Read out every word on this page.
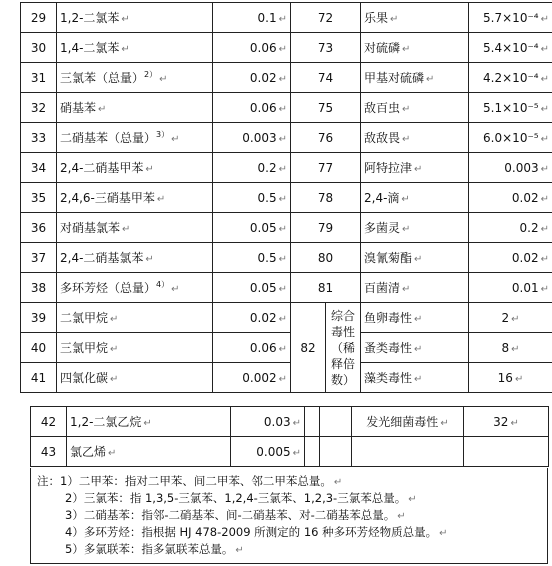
29	1,2-二氯苯 ↵	0.1 ↵	72		乐果 ↵	5.7×10⁻⁴ ↵
30	1,4-二氯苯 ↵	0.06 ↵	73		对硫磷 ↵	5.4×10⁻⁴ ↵
31	三氯苯（总量）$^{2)}$ ↵	0.02 ↵	74		甲基对硫磷 ↵	4.2×10⁻⁴ ↵
32	硝基苯 ↵	0.06 ↵	75		敌百虫 ↵	5.1×10⁻⁵ ↵
33	二硝基苯（总量）$^{3)}$ ↵	0.003 ↵	76		敌敌畏 ↵	6.0×10⁻⁵ ↵
34	2,4-二硝基甲苯 ↵	0.2 ↵	77		阿特拉津 ↵	0.003 ↵
35	2,4,6-三硝基甲苯 ↵	0.5 ↵	78		2,4-滴 ↵	0.02 ↵
36	对硝基氯苯 ↵	0.05 ↵	79		多菌灵 ↵	0.2 ↵
37	2,4-二硝基氯苯 ↵	0.5 ↵	80		溴氰菊酯 ↵	0.02 ↵
38	多环芳烃（总量）$^{4)}$ ↵	0.05 ↵	81		百菌清 ↵	0.01 ↵
39	二氯甲烷 ↵	0.02 ↵	82	综合毒性（稀释倍数）	鱼卵毒性 ↵	2 ↵
40	三氯甲烷 ↵	0.06 ↵			蚤类毒性 ↵	8 ↵
41	四氯化碳 ↵	0.002 ↵			藻类毒性 ↵	16 ↵
42	1,2-二氯乙烷 ↵	0.03 ↵			发光细菌毒性 ↵	32 ↵
43	氯乙烯 ↵	0.005 ↵				
注：1）二甲苯：指对二甲苯、间二甲苯、邻二甲苯总量。 ↵
2）三氯苯：指 1,3,5-三氯苯、1,2,4-三氯苯、1,2,3-三氯苯总量。 ↵
3）二硝基苯：指邻-二硝基苯、间-二硝基苯、对-二硝基苯总量。 ↵
4）多环芳烃：指根据 HJ 478-2009 所测定的 16 种多环芳烃物质总量。 ↵
5）多氯联苯：指多氯联苯总量。 ↵
